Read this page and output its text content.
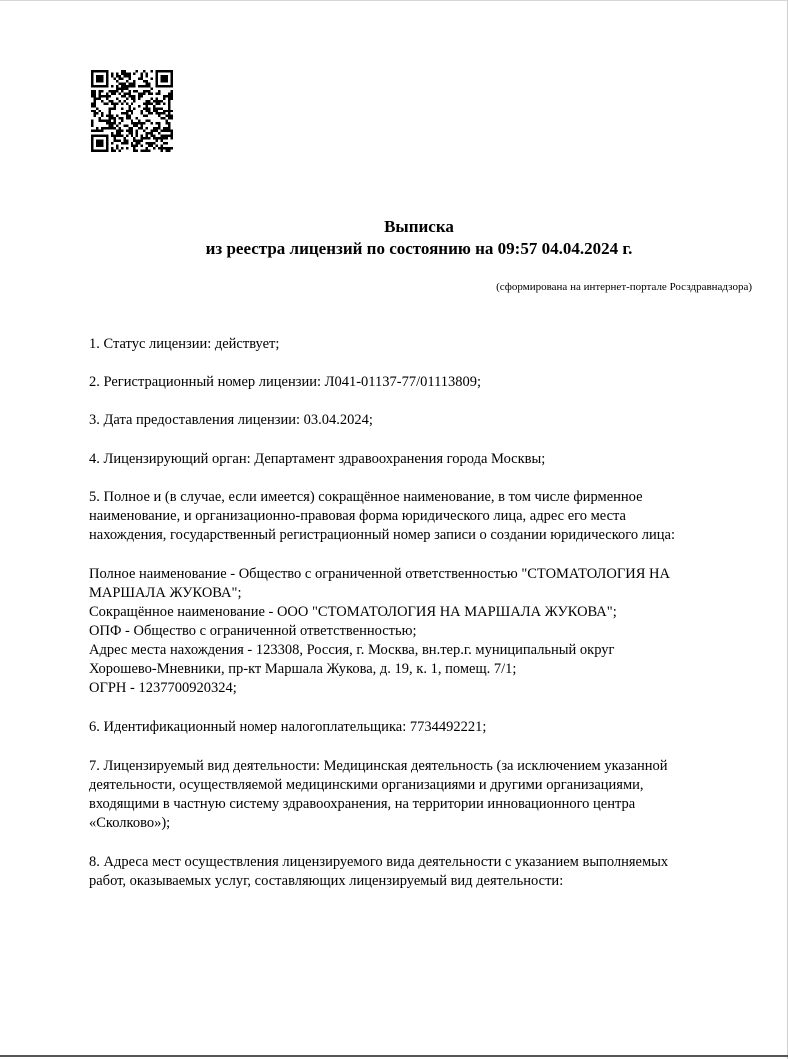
Выписка
из реестра лицензий по состоянию на 09:57 04.04.2024 г.
(сформирована на интернет-портале Росздравнадзора)

1. Статус лицензии: действует;

2. Регистрационный номер лицензии: Л041-01137-77/01113809;

3. Дата предоставления лицензии: 03.04.2024;

4. Лицензирующий орган: Департамент здравоохранения города Москвы;

5. Полное и (в случае, если имеется) сокращённое наименование, в том числе фирменное
наименование, и организационно-правовая форма юридического лица, адрес его места
нахождения, государственный регистрационный номер записи о создании юридического лица:

Полное наименование - Общество с ограниченной ответственностью "СТОМАТОЛОГИЯ НА
МАРШАЛА ЖУКОВА";
Сокращённое наименование - ООО "СТОМАТОЛОГИЯ НА МАРШАЛА ЖУКОВА";
ОПФ - Общество с ограниченной ответственностью;
Адрес места нахождения - 123308, Россия, г. Москва, вн.тер.г. муниципальный округ
Хорошево-Мневники, пр-кт Маршала Жукова, д. 19, к. 1, помещ. 7/1;
ОГРН - 1237700920324;

6. Идентификационный номер налогоплательщика: 7734492221;

7. Лицензируемый вид деятельности: Медицинская деятельность (за исключением указанной
деятельности, осуществляемой медицинскими организациями и другими организациями,
входящими в частную систему здравоохранения, на территории инновационного центра
«Сколково»);

8. Адреса мест осуществления лицензируемого вида деятельности с указанием выполняемых
работ, оказываемых услуг, составляющих лицензируемый вид деятельности:
